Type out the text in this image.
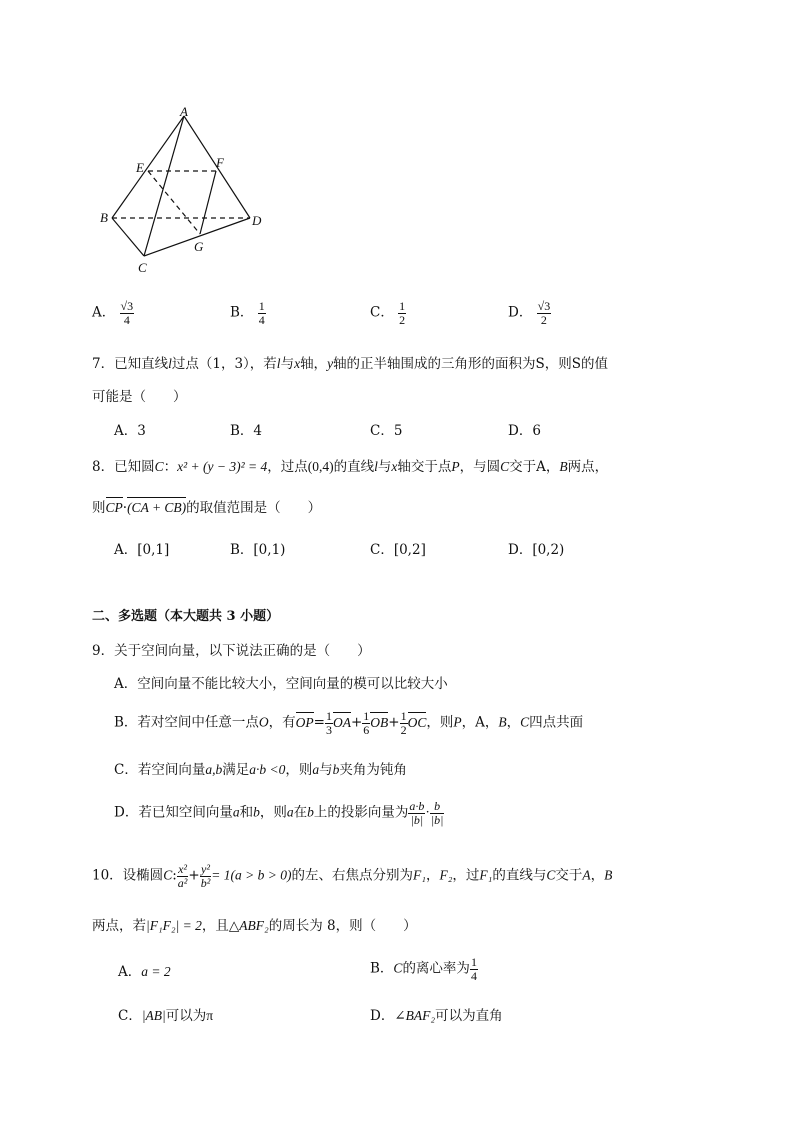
A
B
C
D
E	F
G
A． $\frac{√3}{4}$	B． $\frac{1}{4}$	C． $\frac{1}{2}$	D． $\frac{√3}{2}$
7．已知直线l过点（1，3），若l与x轴，y轴的正半轴围成的三角形的面积为S，则S的值
可能是（　　）
A．3	B．4	C．5	D．6
8．已知圆C：x² + (y − 3)² = 4，过点(0,4)的直线l与x轴交于点P，与圆C交于A，B两点，
则CP·(CA + CB)的取值范围是（　　）
A．[0,1]	B．[0,1)	C．[0,2]	D．[0,2)
二、多选题（本大题共 3 小题）
9．关于空间向量，以下说法正确的是（　　）
A．空间向量不能比较大小，空间向量的模可以比较大小
B．若对空间中任意一点O，有$OP= \frac{1}{3} OA+ \frac{1}{6} OB+ \frac{1}{2}$ OC，则P，A，B，C四点共面
C．若空间向量a,b满足a·b <0，则a与b夹角为钝角
D．若已知空间向量a和b，则a在b上的投影向量为 $\frac{a\cdot b}{|b|} \cdot \frac{b}{|b|}$
10．设椭圆C: $\frac{\text{x²}}{\text{a²}} + \frac{\text{y²}}{\text{b²}} = 1(a > b > 0)$的左、右焦点分别为F₁，F₂，过F₁的直线与C交于A，B
两点，若|F₁F₂| = 2，且△ABF₂的周长为 8，则（　　）
A．a = 2	B．C的离心率为 $\frac{1}{4}$
C．|AB|可以为π	D．∠BAF₂可以为直角
